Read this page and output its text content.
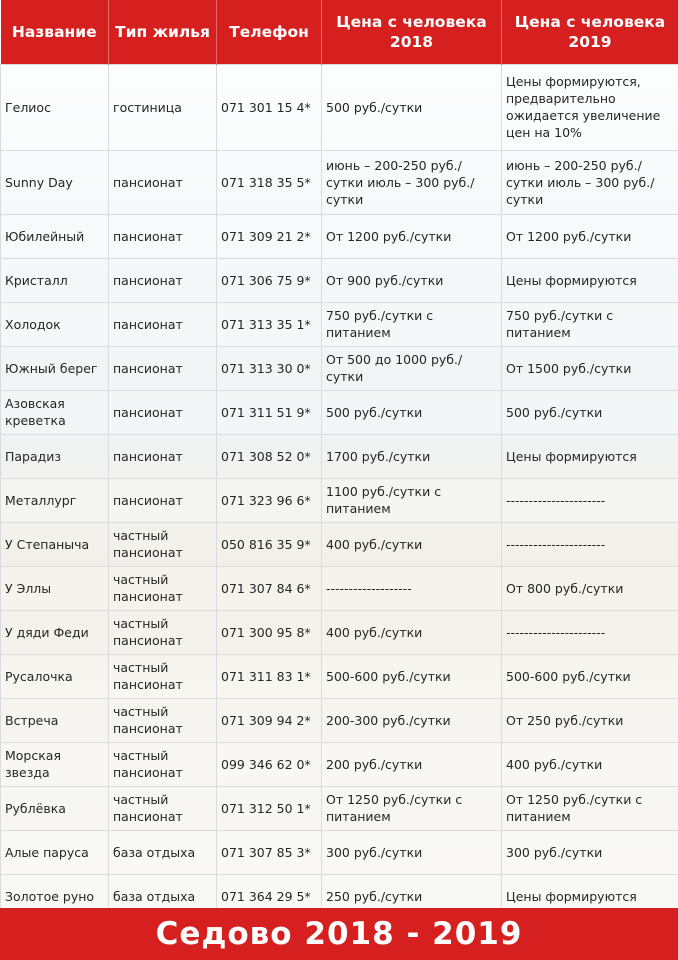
Название	Тип жилья	Телефон	Цена с человека 2018	Цена с человека 2019
Гелиос	гостиница	071 301 15 4*	500 руб./сутки	Цены формируются, предварительно ожидается увеличение цен на 10%
Sunny Day	пансионат	071 318 35 5*	июнь – 200-250 руб./сутки июль – 300 руб./сутки	июнь – 200-250 руб./сутки июль – 300 руб./сутки
Юбилейный	пансионат	071 309 21 2*	От 1200 руб./сутки	От 1200 руб./сутки
Кристалл	пансионат	071 306 75 9*	От 900 руб./сутки	Цены формируются
Холодок	пансионат	071 313 35 1*	750 руб./сутки с питанием	750 руб./сутки с питанием
Южный берег	пансионат	071 313 30 0*	От 500 до 1000 руб./сутки	От 1500 руб./сутки
Азовская креветка	пансионат	071 311 51 9*	500 руб./сутки	500 руб./сутки
Парадиз	пансионат	071 308 52 0*	1700 руб./сутки	Цены формируются
Металлург	пансионат	071 323 96 6*	1100 руб./сутки с питанием	----------------------
У Степаныча	частный пансионат	050 816 35 9*	400 руб./сутки	----------------------
У Эллы	частный пансионат	071 307 84 6*	-------------------	От 800 руб./сутки
У дяди Феди	частный пансионат	071 300 95 8*	400 руб./сутки	----------------------
Русалочка	частный пансионат	071 311 83 1*	500-600 руб./сутки	500-600 руб./сутки
Встреча	частный пансионат	071 309 94 2*	200-300 руб./сутки	От 250 руб./сутки
Морская звезда	частный пансионат	099 346 62 0*	200 руб./сутки	400 руб./сутки
Рублёвка	частный пансионат	071 312 50 1*	От 1250 руб./сутки с питанием	От 1250 руб./сутки с питанием
Алые паруса	база отдыха	071 307 85 3*	300 руб./сутки	300 руб./сутки
Золотое руно	база отдыха	071 364 29 5*	250 руб./сутки	Цены формируются
Седово 2018 - 2019
